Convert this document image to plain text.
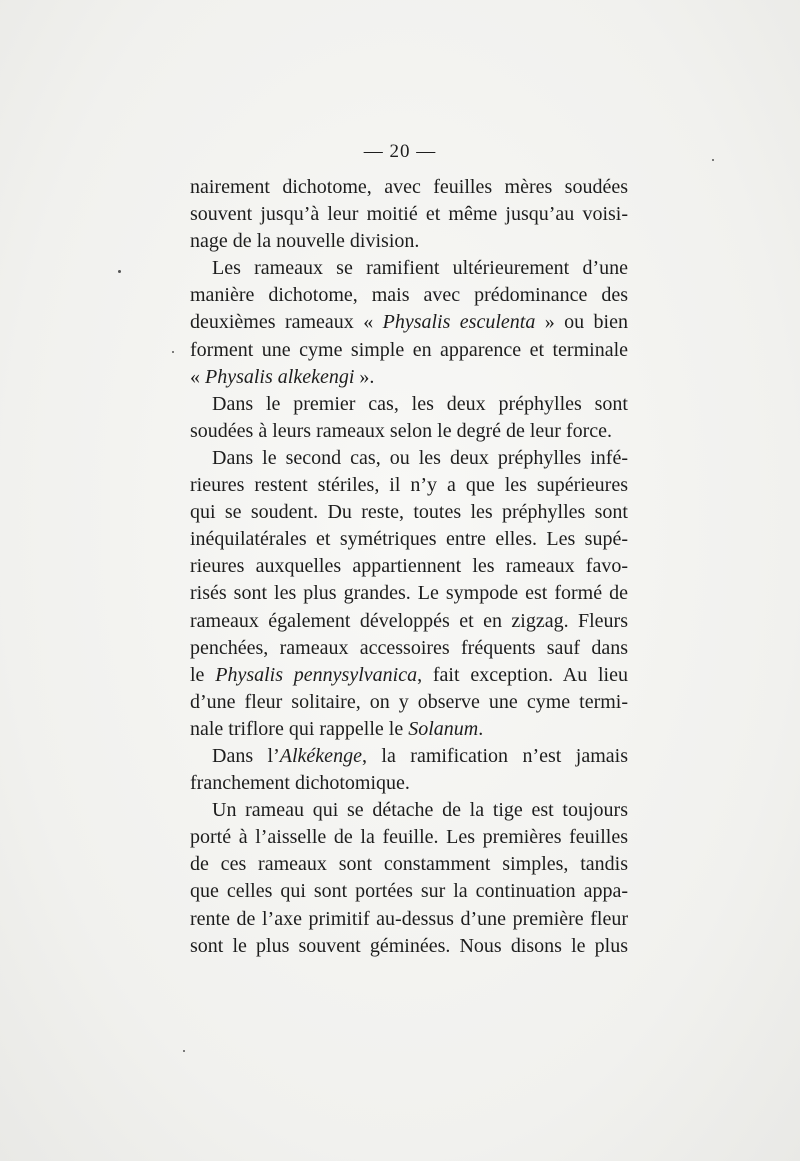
— 20 —
nairement dichotome, avec feuilles mères soudées
souvent jusqu’à leur moitié et même jusqu’au voisi-
nage de la nouvelle division.
Les rameaux se ramifient ultérieurement d’une
manière dichotome, mais avec prédominance des
deuxièmes rameaux « Physalis esculenta » ou bien
forment une cyme simple en apparence et terminale
« Physalis alkekengi ».
Dans le premier cas, les deux préphylles sont
soudées à leurs rameaux selon le degré de leur force.
Dans le second cas, ou les deux préphylles infé-
rieures restent stériles, il n’y a que les supérieures
qui se soudent. Du reste, toutes les préphylles sont
inéquilatérales et symétriques entre elles. Les supé-
rieures auxquelles appartiennent les rameaux favo-
risés sont les plus grandes. Le sympode est formé de
rameaux également développés et en zigzag. Fleurs
penchées, rameaux accessoires fréquents sauf dans
le Physalis pennysylvanica, fait exception. Au lieu
d’une fleur solitaire, on y observe une cyme termi-
nale triflore qui rappelle le Solanum.
Dans l’Alkékenge, la ramification n’est jamais
franchement dichotomique.
Un rameau qui se détache de la tige est toujours
porté à l’aisselle de la feuille. Les premières feuilles
de ces rameaux sont constamment simples, tandis
que celles qui sont portées sur la continuation appa-
rente de l’axe primitif au-dessus d’une première fleur
sont le plus souvent géminées. Nous disons le plus
